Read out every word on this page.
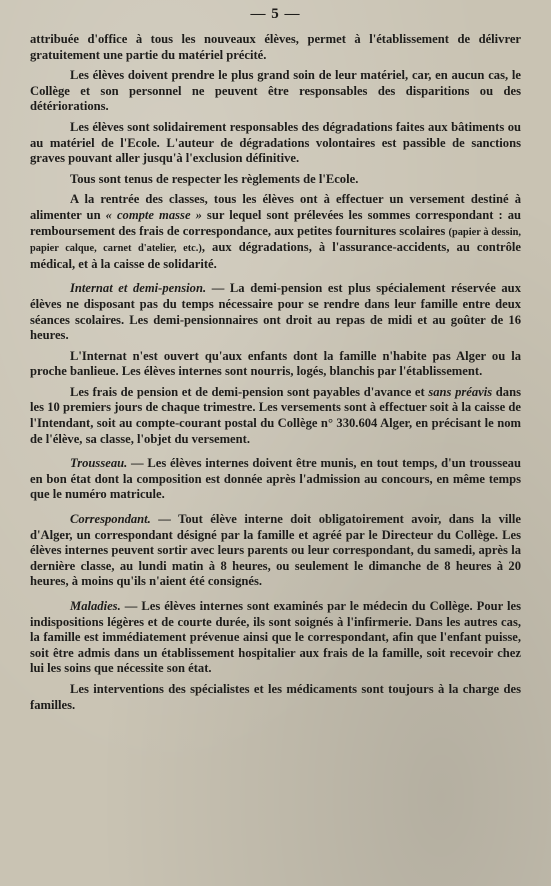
— 5 —

attribuée d'office à tous les nouveaux élèves, permet à l'établissement de délivrer gratuitement une partie du matériel précité.

Les élèves doivent prendre le plus grand soin de leur matériel, car, en aucun cas, le Collège et son personnel ne peuvent être responsables des disparitions ou des détériorations.

Les élèves sont solidairement responsables des dégradations faites aux bâtiments ou au matériel de l'Ecole. L'auteur de dégradations volontaires est passible de sanctions graves pouvant aller jusqu'à l'exclusion définitive.

Tous sont tenus de respecter les règlements de l'Ecole.

A la rentrée des classes, tous les élèves ont à effectuer un versement destiné à alimenter un « compte masse » sur lequel sont prélevées les sommes correspondant : au remboursement des frais de correspondance, aux petites fournitures scolaires (papier à dessin, papier calque, carnet d'atelier, etc.), aux dégradations, à l'assurance-accidents, au contrôle médical, et à la caisse de solidarité.

Internat et demi-pension. — La demi-pension est plus spécialement réservée aux élèves ne disposant pas du temps nécessaire pour se rendre dans leur famille entre deux séances scolaires. Les demi-pensionnaires ont droit au repas de midi et au goûter de 16 heures.

L'Internat n'est ouvert qu'aux enfants dont la famille n'habite pas Alger ou la proche banlieue. Les élèves internes sont nourris, logés, blanchis par l'établissement.

Les frais de pension et de demi-pension sont payables d'avance et sans préavis dans les 10 premiers jours de chaque trimestre. Les versements sont à effectuer soit à la caisse de l'Intendant, soit au compte-courant postal du Collège n° 330.604 Alger, en précisant le nom de l'élève, sa classe, l'objet du versement.

Trousseau. — Les élèves internes doivent être munis, en tout temps, d'un trousseau en bon état dont la composition est donnée après l'admission au concours, en même temps que le numéro matricule.

Correspondant. — Tout élève interne doit obligatoirement avoir, dans la ville d'Alger, un correspondant désigné par la famille et agréé par le Directeur du Collège. Les élèves internes peuvent sortir avec leurs parents ou leur correspondant, du samedi, après la dernière classe, au lundi matin à 8 heures, ou seulement le dimanche de 8 heures à 20 heures, à moins qu'ils n'aient été consignés.

Maladies. — Les élèves internes sont examinés par le médecin du Collège. Pour les indispositions légères et de courte durée, ils sont soignés à l'infirmerie. Dans les autres cas, la famille est immédiatement prévenue ainsi que le correspondant, afin que l'enfant puisse, soit être admis dans un établissement hospitalier aux frais de la famille, soit recevoir chez lui les soins que nécessite son état.

Les interventions des spécialistes et les médicaments sont toujours à la charge des familles.
